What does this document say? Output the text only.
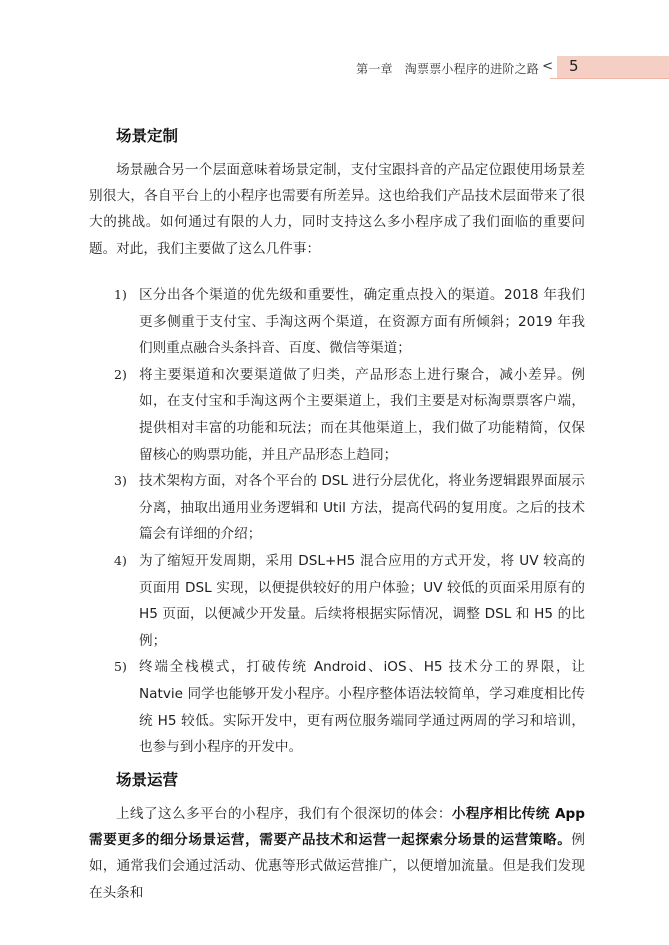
第一章 淘票票小程序的进阶之路 < 5
场景定制

场景融合另一个层面意味着场景定制，支付宝跟抖音的产品定位跟使用场景差别很大，各自平台上的小程序也需要有所差异。这也给我们产品技术层面带来了很大的挑战。如何通过有限的人力，同时支持这么多小程序成了我们面临的重要问题。对此，我们主要做了这么几件事：

1) 区分出各个渠道的优先级和重要性，确定重点投入的渠道。2018 年我们更多侧重于支付宝、手淘这两个渠道，在资源方面有所倾斜；2019 年我们则重点融合头条抖音、百度、微信等渠道；
2) 将主要渠道和次要渠道做了归类，产品形态上进行聚合，减小差异。例如，在支付宝和手淘这两个主要渠道上，我们主要是对标淘票票客户端，提供相对丰富的功能和玩法；而在其他渠道上，我们做了功能精简，仅保留核心的购票功能，并且产品形态上趋同；
3) 技术架构方面，对各个平台的 DSL 进行分层优化，将业务逻辑跟界面展示分离，抽取出通用业务逻辑和 Util 方法，提高代码的复用度。之后的技术篇会有详细的介绍；
4) 为了缩短开发周期，采用 DSL+H5 混合应用的方式开发，将 UV 较高的页面用 DSL 实现，以便提供较好的用户体验；UV 较低的页面采用原有的 H5 页面，以便减少开发量。后续将根据实际情况，调整 DSL 和 H5 的比例；
5) 终端全栈模式，打破传统 Android、iOS、H5 技术分工的界限，让 Natvie 同学也能够开发小程序。小程序整体语法较简单，学习难度相比传统 H5 较低。实际开发中，更有两位服务端同学通过两周的学习和培训，也参与到小程序的开发中。
场景运营

上线了这么多平台的小程序，我们有个很深切的体会：小程序相比传统 App 需要更多的细分场景运营，需要产品技术和运营一起探索分场景的运营策略。例如，通常我们会通过活动、优惠等形式做运营推广，以便增加流量。但是我们发现在头条和
